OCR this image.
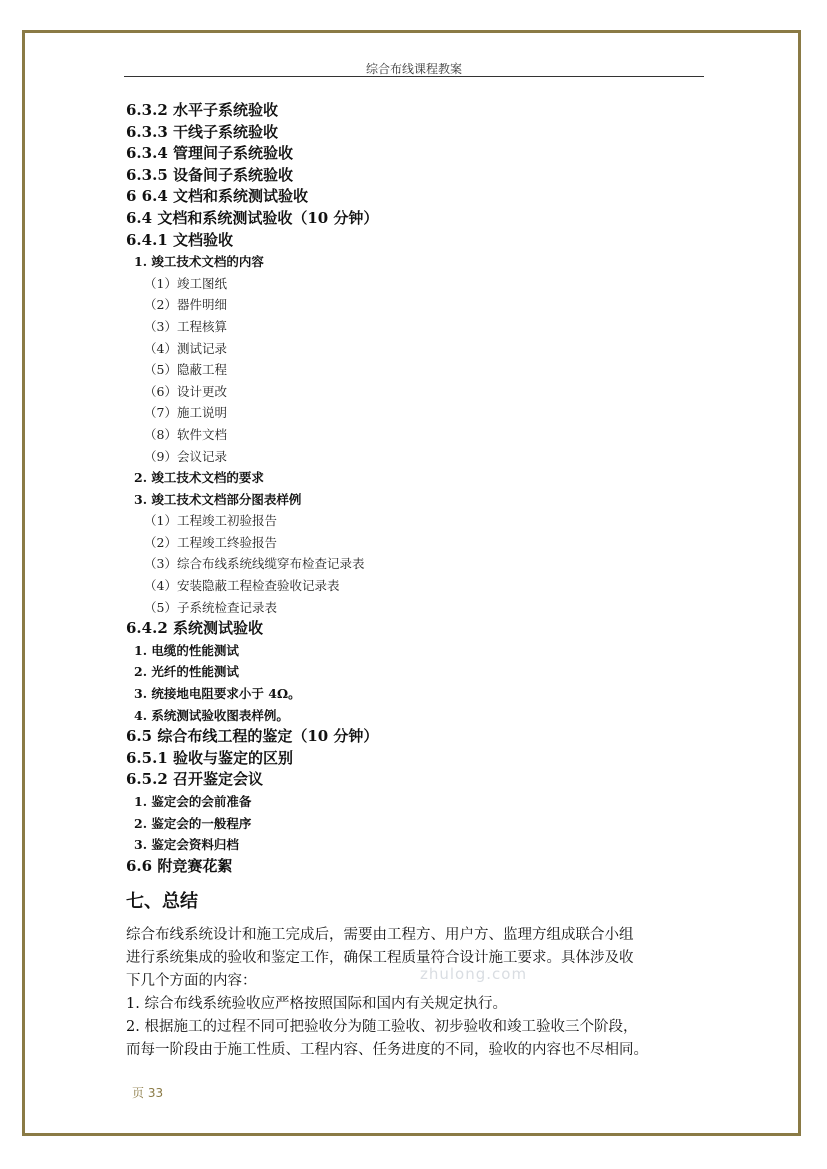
综合布线课程教案
6.3.2 水平子系统验收
6.3.3 干线子系统验收
6.3.4 管理间子系统验收
6.3.5 设备间子系统验收
6 6.4 文档和系统测试验收
6.4 文档和系统测试验收（10 分钟）
6.4.1 文档验收
1. 竣工技术文档的内容
（1）竣工图纸
（2）器件明细
（3）工程核算
（4）测试记录
（5）隐蔽工程
（6）设计更改
（7）施工说明
（8）软件文档
（9）会议记录
2. 竣工技术文档的要求
3. 竣工技术文档部分图表样例
（1）工程竣工初验报告
（2）工程竣工终验报告
（3）综合布线系统线缆穿布检查记录表
（4）安装隐蔽工程检查验收记录表
（5）子系统检查记录表
6.4.2 系统测试验收
1. 电缆的性能测试
2. 光纤的性能测试
3. 统接地电阻要求小于 4Ω。
4. 系统测试验收图表样例。
6.5 综合布线工程的鉴定（10 分钟）
6.5.1 验收与鉴定的区别
6.5.2 召开鉴定会议
1. 鉴定会的会前准备
2. 鉴定会的一般程序
3. 鉴定会资料归档
6.6 附竞赛花絮
七、总结
综合布线系统设计和施工完成后，需要由工程方、用户方、监理方组成联合小组
进行系统集成的验收和鉴定工作，确保工程质量符合设计施工要求。具体涉及收
下几个方面的内容：
1. 综合布线系统验收应严格按照国际和国内有关规定执行。
2. 根据施工的过程不同可把验收分为随工验收、初步验收和竣工验收三个阶段，
而每一阶段由于施工性质、工程内容、任务进度的不同，验收的内容也不尽相同。
zhulong.com
页 33
